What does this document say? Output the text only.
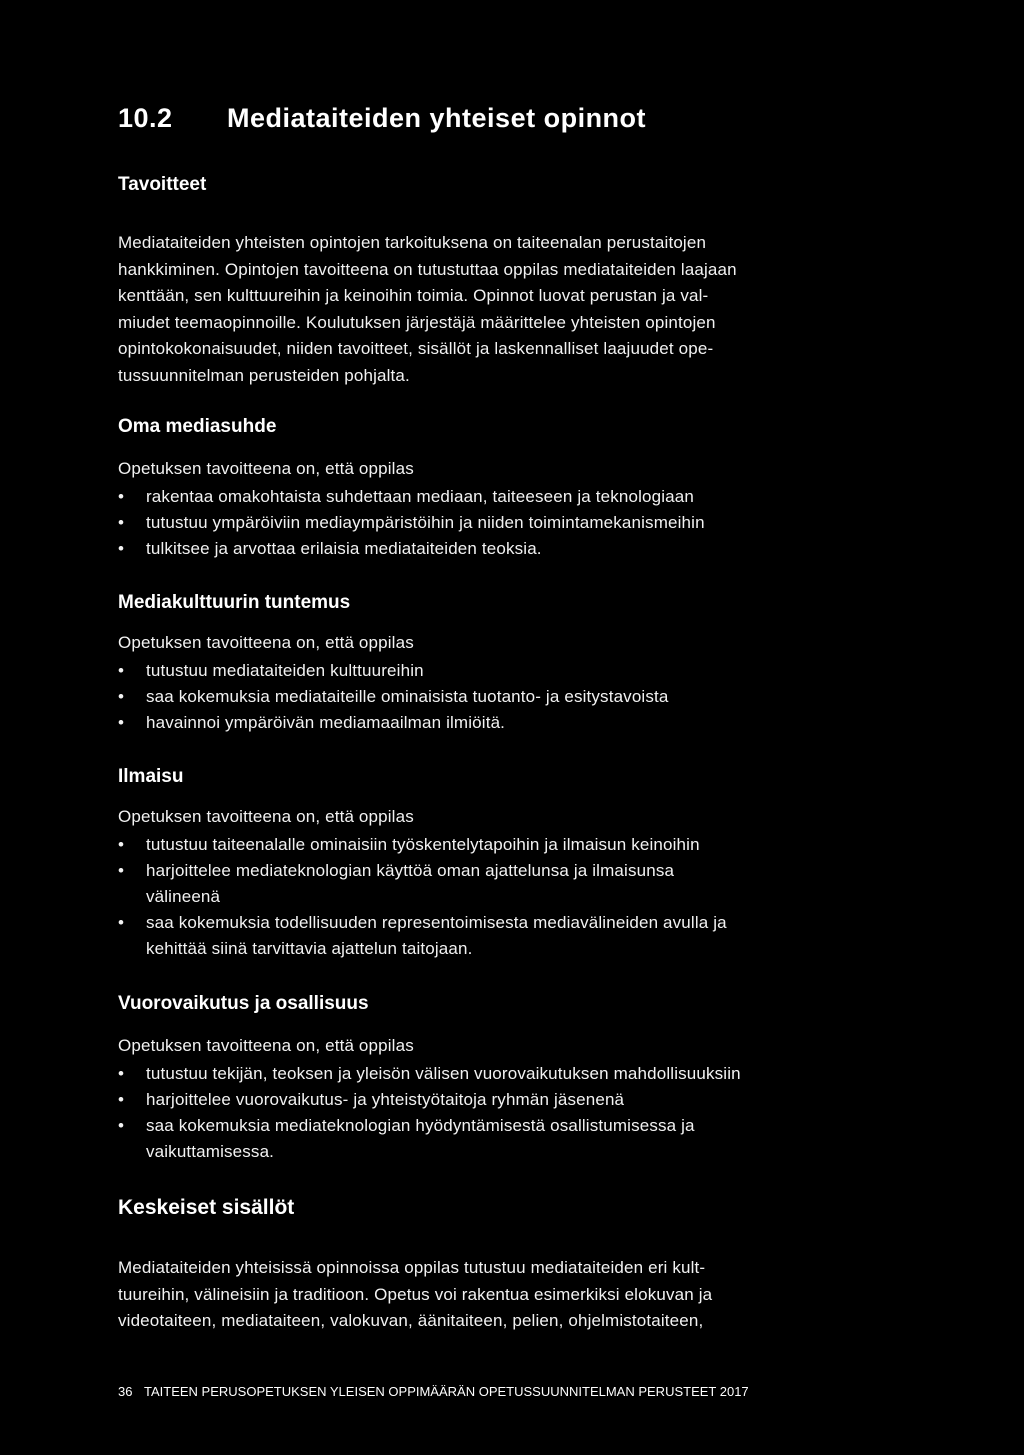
10.2 Mediataiteiden yhteiset opinnot
Tavoitteet
Mediataiteiden yhteisten opintojen tarkoituksena on taiteenalan perustaitojen
hankkiminen. Opintojen tavoitteena on tutustuttaa oppilas mediataiteiden laajaan
kenttään, sen kulttuureihin ja keinoihin toimia. Opinnot luovat perustan ja val-
miudet teemaopinnoille. Koulutuksen järjestäjä määrittelee yhteisten opintojen
opintokokonaisuudet, niiden tavoitteet, sisällöt ja laskennalliset laajuudet ope-
tussuunnitelman perusteiden pohjalta.
Oma mediasuhde
Opetuksen tavoitteena on, että oppilas
• rakentaa omakohtaista suhdettaan mediaan, taiteeseen ja teknologiaan
• tutustuu ympäröiviin mediaympäristöihin ja niiden toimintamekanismeihin
• tulkitsee ja arvottaa erilaisia mediataiteiden teoksia.
Mediakulttuurin tuntemus
Opetuksen tavoitteena on, että oppilas
• tutustuu mediataiteiden kulttuureihin
• saa kokemuksia mediataiteille ominaisista tuotanto- ja esitystavoista
• havainnoi ympäröivän mediamaailman ilmiöitä.
Ilmaisu
Opetuksen tavoitteena on, että oppilas
• tutustuu taiteenalalle ominaisiin työskentelytapoihin ja ilmaisun keinoihin
• harjoittelee mediateknologian käyttöä oman ajattelunsa ja ilmaisunsa
välineenä
• saa kokemuksia todellisuuden representoimisesta mediavälineiden avulla ja
kehittää siinä tarvittavia ajattelun taitojaan.
Vuorovaikutus ja osallisuus
Opetuksen tavoitteena on, että oppilas
• tutustuu tekijän, teoksen ja yleisön välisen vuorovaikutuksen mahdollisuuksiin
• harjoittelee vuorovaikutus- ja yhteistyötaitoja ryhmän jäsenenä
• saa kokemuksia mediateknologian hyödyntämisestä osallistumisessa ja
vaikuttamisessa.
Keskeiset sisällöt
Mediataiteiden yhteisissä opinnoissa oppilas tutustuu mediataiteiden eri kult-
tuureihin, välineisiin ja traditioon. Opetus voi rakentua esimerkiksi elokuvan ja
videotaiteen, mediataiteen, valokuvan, äänitaiteen, pelien, ohjelmistotaiteen,
36 TAITEEN PERUSOPETUKSEN YLEISEN OPPIMÄÄRÄN OPETUSSUUNNITELMAN PERUSTEET 2017
